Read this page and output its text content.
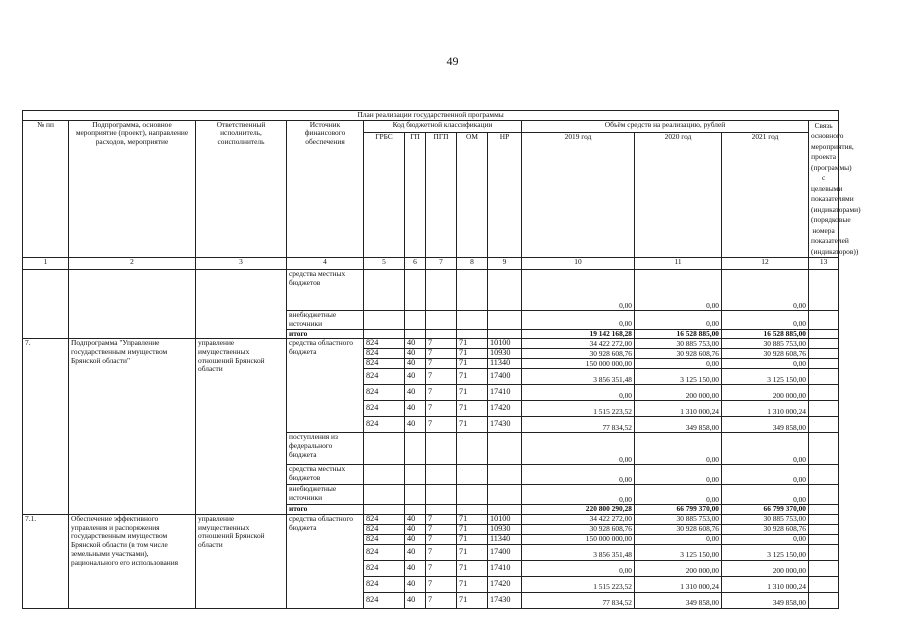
49
План реализации государственной программы												
№ пп	Подпрограмма, основное мероприятие (проект), направление расходов, мероприятие	Ответственный исполнитель, соисполнитель	Источник финансового обеспечения	Код бюджетной классификации					Объём средств на реализацию, рублей			Связь основного мероприятия, проекта (программы) с целевыми показателями (индикаторами) (порядковые номера показателей (индикаторов))
				ГРБС	ГП	ПГП	ОМ	НР	2019 год	2020 год	2021 год	
1	2	3	4	5	6	7	8	9	10	11	12	13
			средства местных бюджетов						0,00	0,00	0,00	
			внебюджетные источники						0,00	0,00	0,00	
			итого						19 142 168,28	16 528 885,00	16 528 885,00	
7.	Подпрограмма "Управление государственным имуществом Брянской области"	управление имущественных отношений Брянской области	средства областного бюджета	824	40	7	71	10100	34 422 272,00	30 885 753,00	30 885 753,00	
				824	40	7	71	10930	30 928 608,76	30 928 608,76	30 928 608,76	
				824	40	7	71	11340	150 000 000,00	0,00	0,00	
				824	40	7	71	17400	3 856 351,48	3 125 150,00	3 125 150,00	
				824	40	7	71	17410	0,00	200 000,00	200 000,00	
				824	40	7	71	17420	1 515 223,52	1 310 000,24	1 310 000,24	
				824	40	7	71	17430	77 834,52	349 858,00	349 858,00	
			поступления из федерального бюджета						0,00	0,00	0,00	
			средства местных бюджетов						0,00	0,00	0,00	
			внебюджетные источники						0,00	0,00	0,00	
			итого						220 800 290,28	66 799 370,00	66 799 370,00	
7.1.	Обеспечение эффективного управления и распоряжения государственным имуществом Брянской области (в том числе земельными участками), рационального его использования	управление имущественных отношений Брянской области	средства областного бюджета	824	40	7	71	10100	34 422 272,00	30 885 753,00	30 885 753,00	
				824	40	7	71	10930	30 928 608,76	30 928 608,76	30 928 608,76	
				824	40	7	71	11340	150 000 000,00	0,00	0,00	
				824	40	7	71	17400	3 856 351,48	3 125 150,00	3 125 150,00	
				824	40	7	71	17410	0,00	200 000,00	200 000,00	
				824	40	7	71	17420	1 515 223,52	1 310 000,24	1 310 000,24	
				824	40	7	71	17430	77 834,52	349 858,00	349 858,00	
